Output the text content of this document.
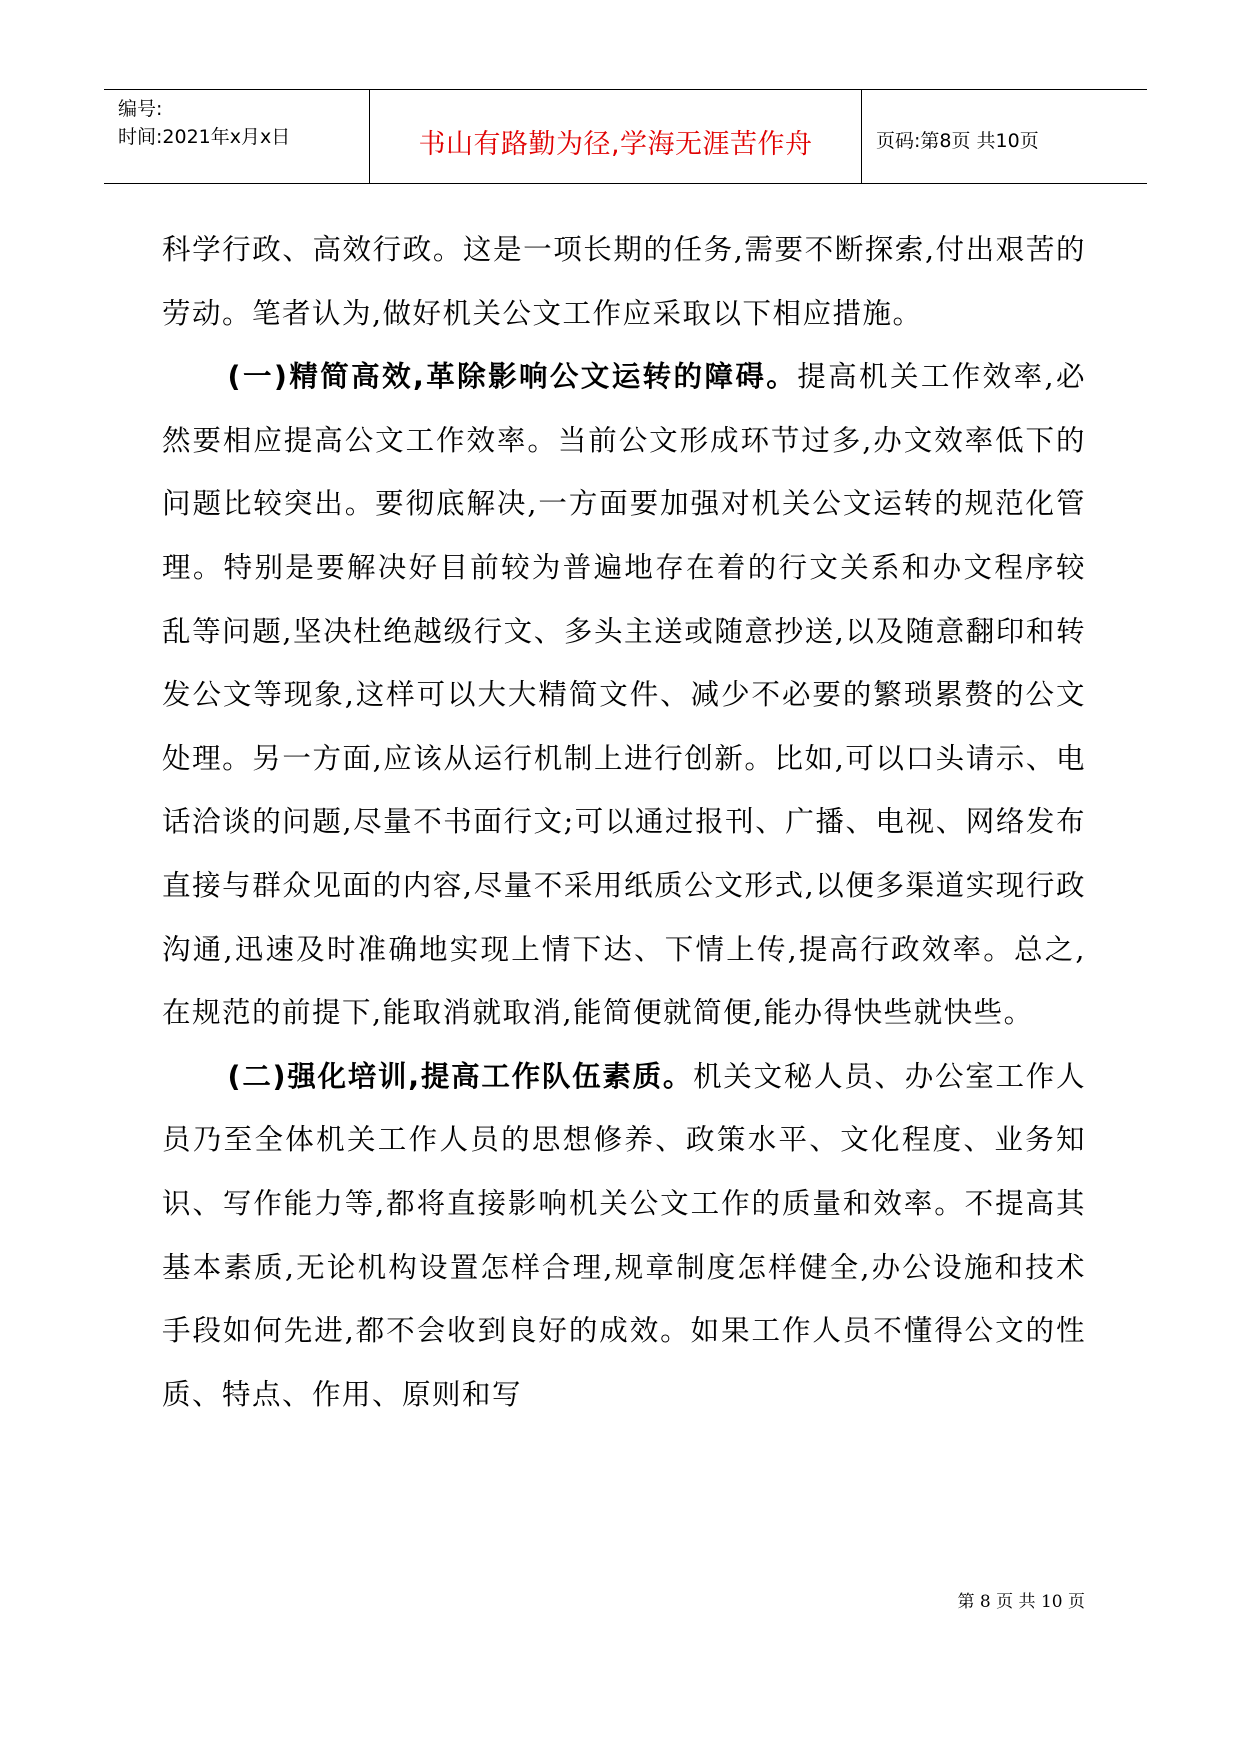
编号:
时间:2021年x月x日	书山有路勤为径,学海无涯苦作舟	页码:第8页 共10页

科学行政、高效行政。这是一项长期的任务,需要不断探索,付出艰苦的劳动。笔者认为,做好机关公文工作应采取以下相应措施。

(一)精简高效,革除影响公文运转的障碍。提高机关工作效率,必然要相应提高公文工作效率。当前公文形成环节过多,办文效率低下的问题比较突出。要彻底解决,一方面要加强对机关公文运转的规范化管理。特别是要解决好目前较为普遍地存在着的行文关系和办文程序较乱等问题,坚决杜绝越级行文、多头主送或随意抄送,以及随意翻印和转发公文等现象,这样可以大大精简文件、减少不必要的繁琐累赘的公文处理。另一方面,应该从运行机制上进行创新。比如,可以口头请示、电话洽谈的问题,尽量不书面行文;可以通过报刊、广播、电视、网络发布直接与群众见面的内容,尽量不采用纸质公文形式,以便多渠道实现行政沟通,迅速及时准确地实现上情下达、下情上传,提高行政效率。总之,在规范的前提下,能取消就取消,能简便就简便,能办得快些就快些。

(二)强化培训,提高工作队伍素质。机关文秘人员、办公室工作人员乃至全体机关工作人员的思想修养、政策水平、文化程度、业务知识、写作能力等,都将直接影响机关公文工作的质量和效率。不提高其基本素质,无论机构设置怎样合理,规章制度怎样健全,办公设施和技术手段如何先进,都不会收到良好的成效。如果工作人员不懂得公文的性质、特点、作用、原则和写

第 8 页 共 10 页
